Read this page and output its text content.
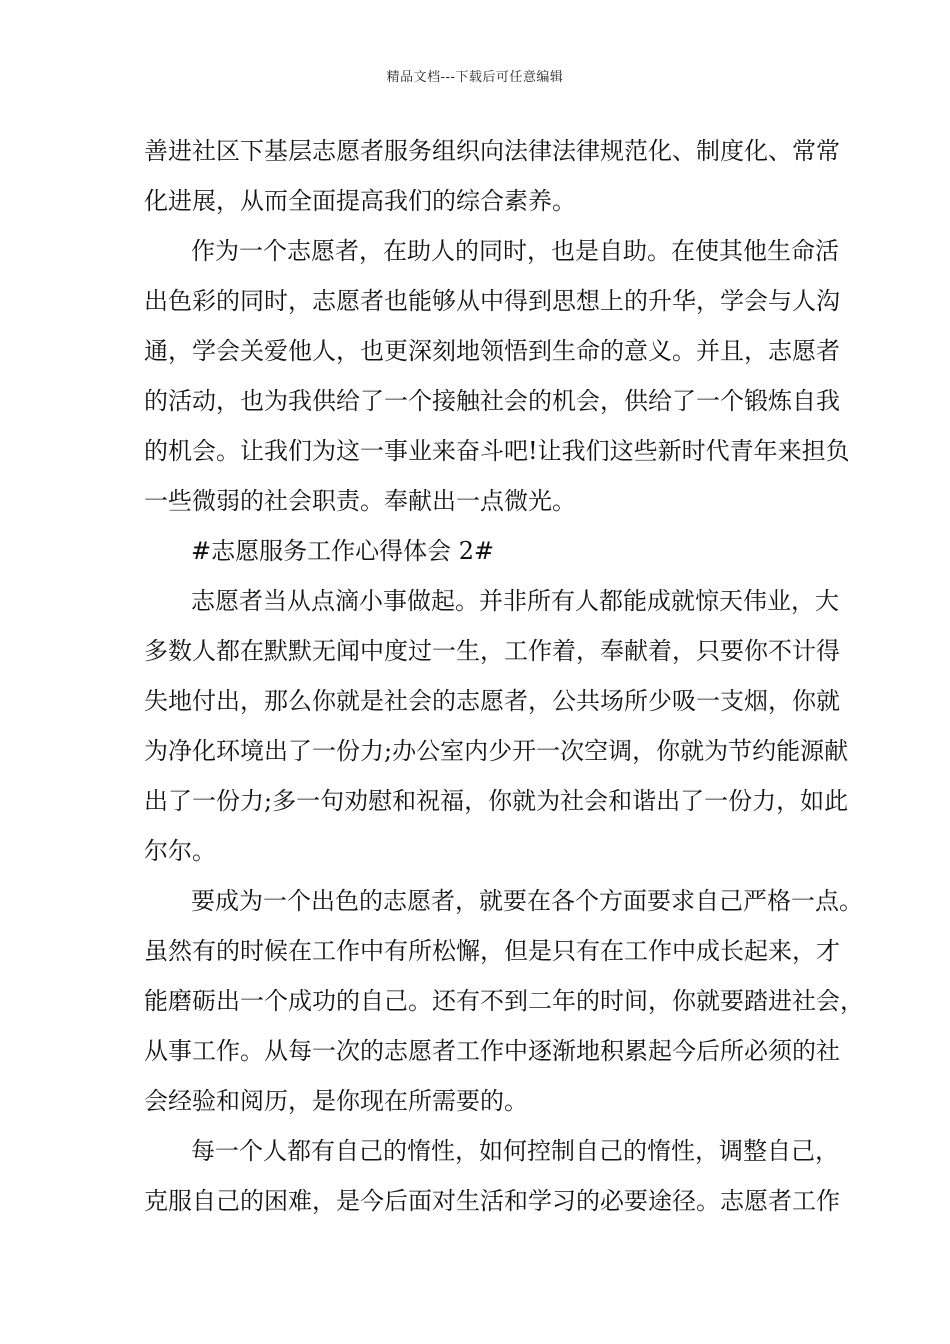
精品文档---下载后可任意编辑
善进社区下基层志愿者服务组织向法律法律规范化、制度化、常常
化进展，从而全面提高我们的综合素养。
作为一个志愿者，在助人的同时，也是自助。在使其他生命活
出色彩的同时，志愿者也能够从中得到思想上的升华，学会与人沟
通，学会关爱他人，也更深刻地领悟到生命的意义。并且，志愿者
的活动，也为我供给了一个接触社会的机会，供给了一个锻炼自我
的机会。让我们为这一事业来奋斗吧!让我们这些新时代青年来担负
一些微弱的社会职责。奉献出一点微光。
#志愿服务工作心得体会 2#
志愿者当从点滴小事做起。并非所有人都能成就惊天伟业，大
多数人都在默默无闻中度过一生，工作着，奉献着，只要你不计得
失地付出，那么你就是社会的志愿者，公共场所少吸一支烟，你就
为净化环境出了一份力;办公室内少开一次空调，你就为节约能源献
出了一份力;多一句劝慰和祝福，你就为社会和谐出了一份力，如此
尔尔。
要成为一个出色的志愿者，就要在各个方面要求自己严格一点。
虽然有的时候在工作中有所松懈，但是只有在工作中成长起来，才
能磨砺出一个成功的自己。还有不到二年的时间，你就要踏进社会，
从事工作。从每一次的志愿者工作中逐渐地积累起今后所必须的社
会经验和阅历，是你现在所需要的。
每一个人都有自己的惰性，如何控制自己的惰性，调整自己，
克服自己的困难，是今后面对生活和学习的必要途径。志愿者工作
